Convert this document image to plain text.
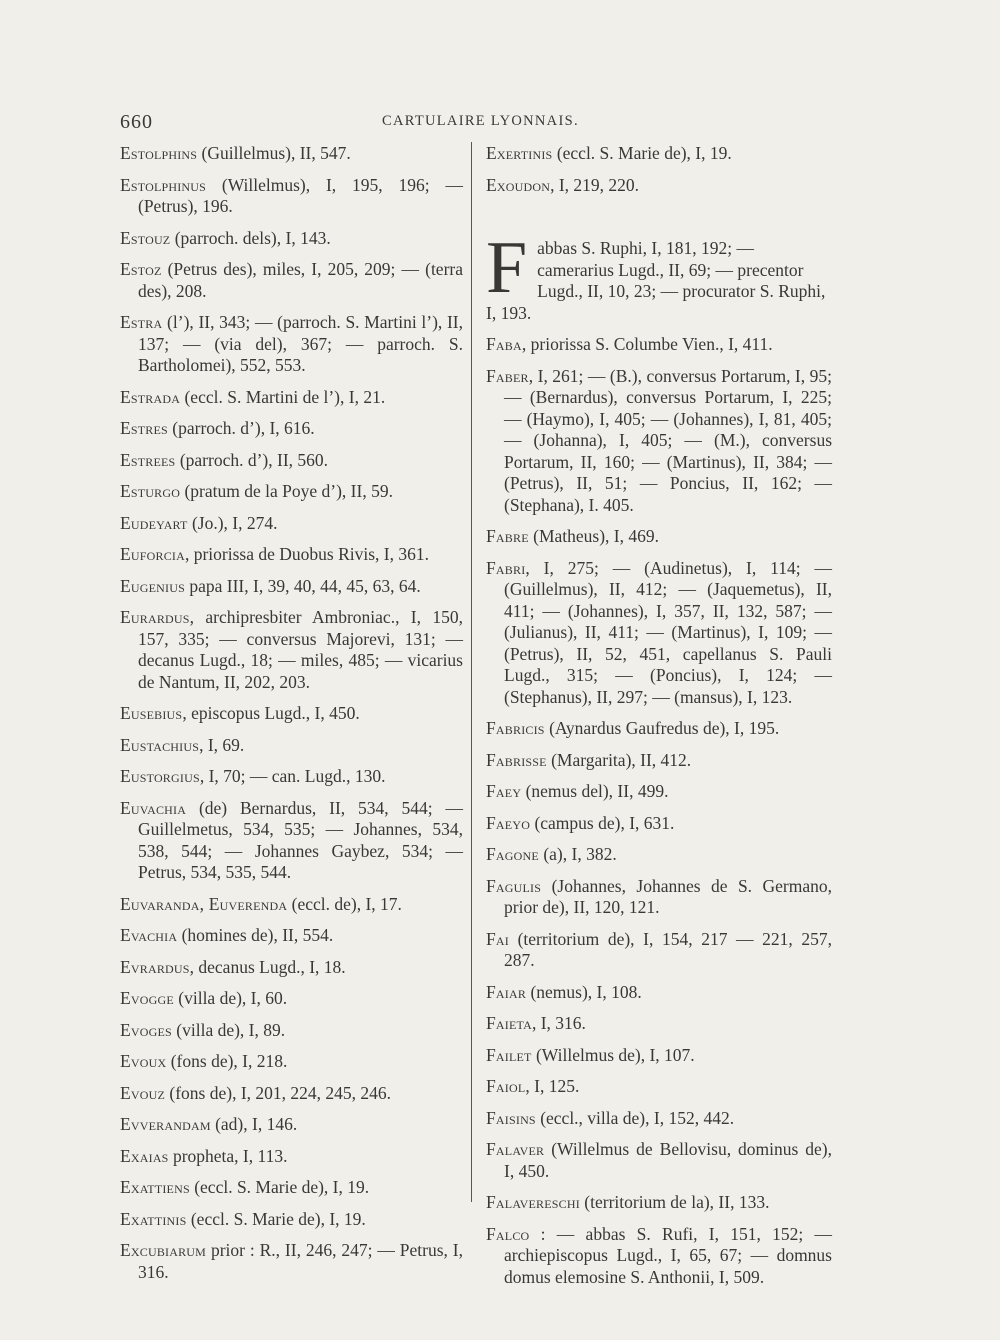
660	CARTULAIRE LYONNAIS.
Estolphins (Guillelmus), II, 547.
Estolphinus (Willelmus), I, 195, 196; — (Petrus), 196.
Estouz (parroch. dels), I, 143.
Estoz (Petrus des), miles, I, 205, 209; — (terra des), 208.
Estra (l’), II, 343; — (parroch. S. Martini l’), II, 137; — (via del), 367; — parroch. S. Bartholomei), 552, 553.
Estrada (eccl. S. Martini de l’), I, 21.
Estres (parroch. d’), I, 616.
Estrees (parroch. d’), II, 560.
Esturgo (pratum de la Poye d’), II, 59.
Eudeyart (Jo.), I, 274.
Euforcia, priorissa de Duobus Rivis, I, 361.
Eugenius papa III, I, 39, 40, 44, 45, 63, 64.
Eurardus, archipresbiter Ambroniac., I, 150, 157, 335; — conversus Majorevi, 131; — decanus Lugd., 18; — miles, 485; — vicarius de Nantum, II, 202, 203.
Eusebius, episcopus Lugd., I, 450.
Eustachius, I, 69.
Eustorgius, I, 70; — can. Lugd., 130.
Euvachia (de) Bernardus, II, 534, 544; — Guillelmetus, 534, 535; — Johannes, 534, 538, 544; — Johannes Gaybez, 534; — Petrus, 534, 535, 544.
Euvaranda, Euverenda (eccl. de), I, 17.
Evachia (homines de), II, 554.
Evrardus, decanus Lugd., I, 18.
Evogge (villa de), I, 60.
Evoges (villa de), I, 89.
Evoux (fons de), I, 218.
Evouz (fons de), I, 201, 224, 245, 246.
Evverandam (ad), I, 146.
Exaias propheta, I, 113.
Exattiens (eccl. S. Marie de), I, 19.
Exattinis (eccl. S. Marie de), I, 19.
Excubiarum prior : R., II, 246, 247; — Petrus, I, 316.
Exertinis (eccl. S. Marie de), I, 19.
Exoudon, I, 219, 220.
F abbas S. Ruphi, I, 181, 192; — camerarius Lugd., II, 69; — precentor Lugd., II, 10, 23; — procurator S. Ruphi, I, 193.
Faba, priorissa S. Columbe Vien., I, 411.
Faber, I, 261; — (B.), conversus Portarum, I, 95; — (Bernardus), conversus Portarum, I, 225; — (Haymo), I, 405; — (Johannes), I, 81, 405; — (Johanna), I, 405; — (M.), conversus Portarum, II, 160; — (Martinus), II, 384; — (Petrus), II, 51; — Poncius, II, 162; — (Stephana), I. 405.
Fabre (Matheus), I, 469.
Fabri, I, 275; — (Audinetus), I, 114; — (Guillelmus), II, 412; — (Jaquemetus), II, 411; — (Johannes), I, 357, II, 132, 587; — (Julianus), II, 411; — (Martinus), I, 109; — (Petrus), II, 52, 451, capellanus S. Pauli Lugd., 315; — (Poncius), I, 124; — (Stephanus), II, 297; — (mansus), I, 123.
Fabricis (Aynardus Gaufredus de), I, 195.
Fabrisse (Margarita), II, 412.
Faey (nemus del), II, 499.
Faeyo (campus de), I, 631.
Fagone (a), I, 382.
Fagulis (Johannes, Johannes de S. Germano, prior de), II, 120, 121.
Fai (territorium de), I, 154, 217 — 221, 257, 287.
Faiar (nemus), I, 108.
Faieta, I, 316.
Failet (Willelmus de), I, 107.
Faiol, I, 125.
Faisins (eccl., villa de), I, 152, 442.
Falaver (Willelmus de Bellovisu, dominus de), I, 450.
Falavereschi (territorium de la), II, 133.
Falco : — abbas S. Rufi, I, 151, 152; — archiepiscopus Lugd., I, 65, 67; — domnus domus elemosine S. Anthonii, I, 509.
